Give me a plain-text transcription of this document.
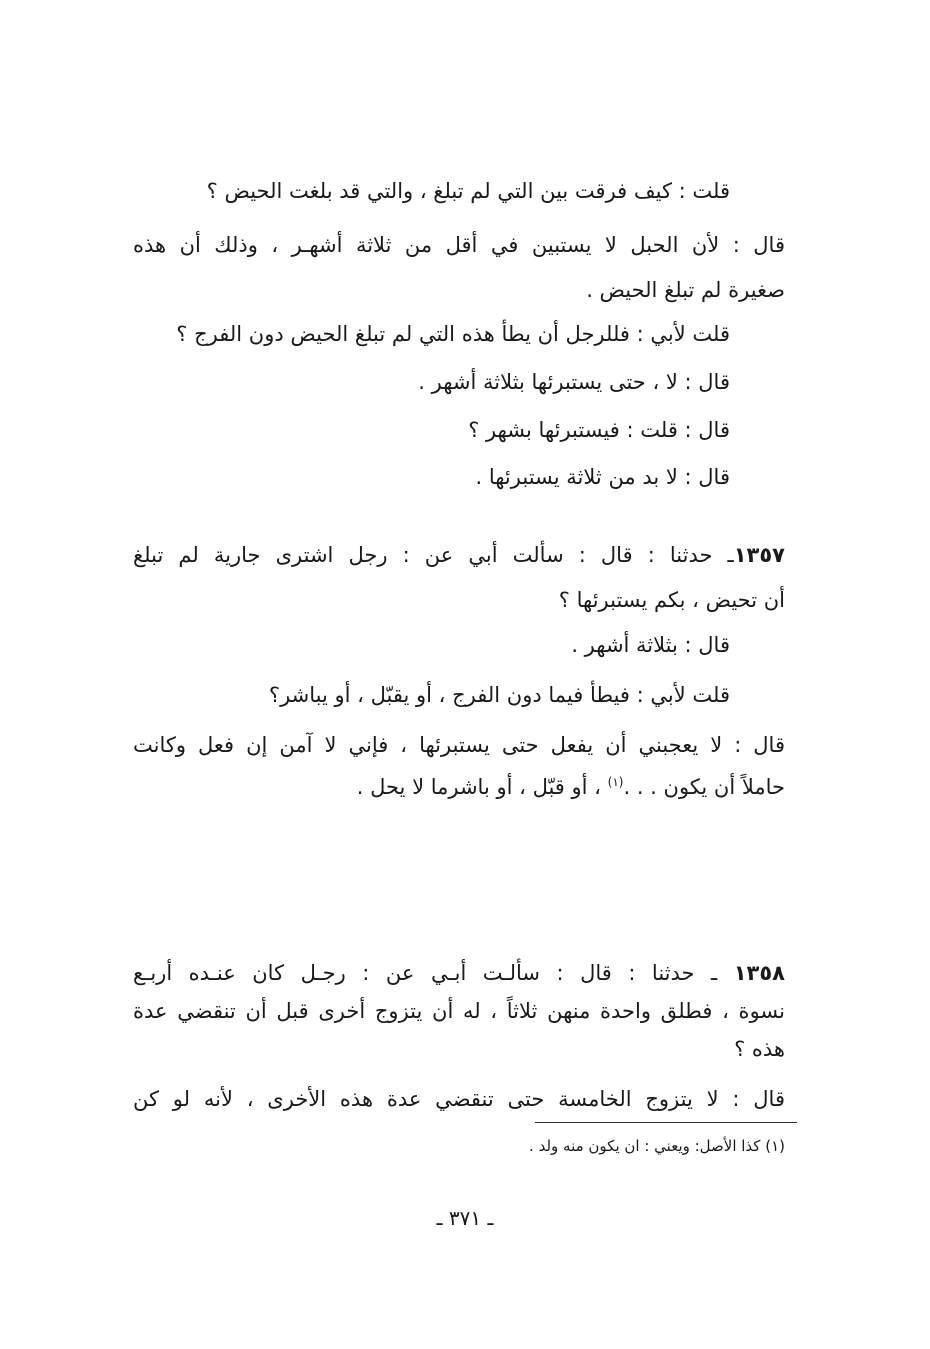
قلت : كيف فرقت بين التي لم تبلغ ، والتي قد بلغت الحيض ؟
قال : لأن الحبل لا يستبين في أقل من ثلاثة أشهـر ، وذلك أن هذه
صغيرة لم تبلغ الحيض .
قلت لأبي : فللرجل أن يطأ هذه التي لم تبلغ الحيض دون الفرج ؟
قال : لا ، حتى يستبرئها بثلاثة أشهر .
قال : قلت : فيستبرئها بشهر ؟
قال : لا بد من ثلاثة يستبرئها .
١٣٥٧ـ حدثنا : قال : سألت أبي عن : رجل اشترى جارية لم تبلغ
أن تحيض ، بكم يستبرئها ؟
قال : بثلاثة أشهر .
قلت لأبي : فيطأ فيما دون الفرج ، أو يقبّل ، أو يباشر؟
قال : لا يعجبني أن يفعل حتى يستبرئها ، فإني لا آمن إن فعل وكانت
حاملاً أن يكون . . .$^{(١)}$ ، أو قبّل ، أو باشرما لا يحل .
١٣٥٨ ـ حدثنا : قال : سألـت أبـي عن : رجـل كان عنـده أربـع
نسوة ، فطلق واحدة منهن ثلاثاً ، له أن يتزوج أخرى قبل أن تنقضي عدة
هذه ؟
قال : لا يتزوج الخامسة حتى تنقضي عدة هذه الأخرى ، لأنه لو كن
(١) كذا الأصل: ويعني : ان يكون منه ولد .
ـ ٣٧١ ـ
